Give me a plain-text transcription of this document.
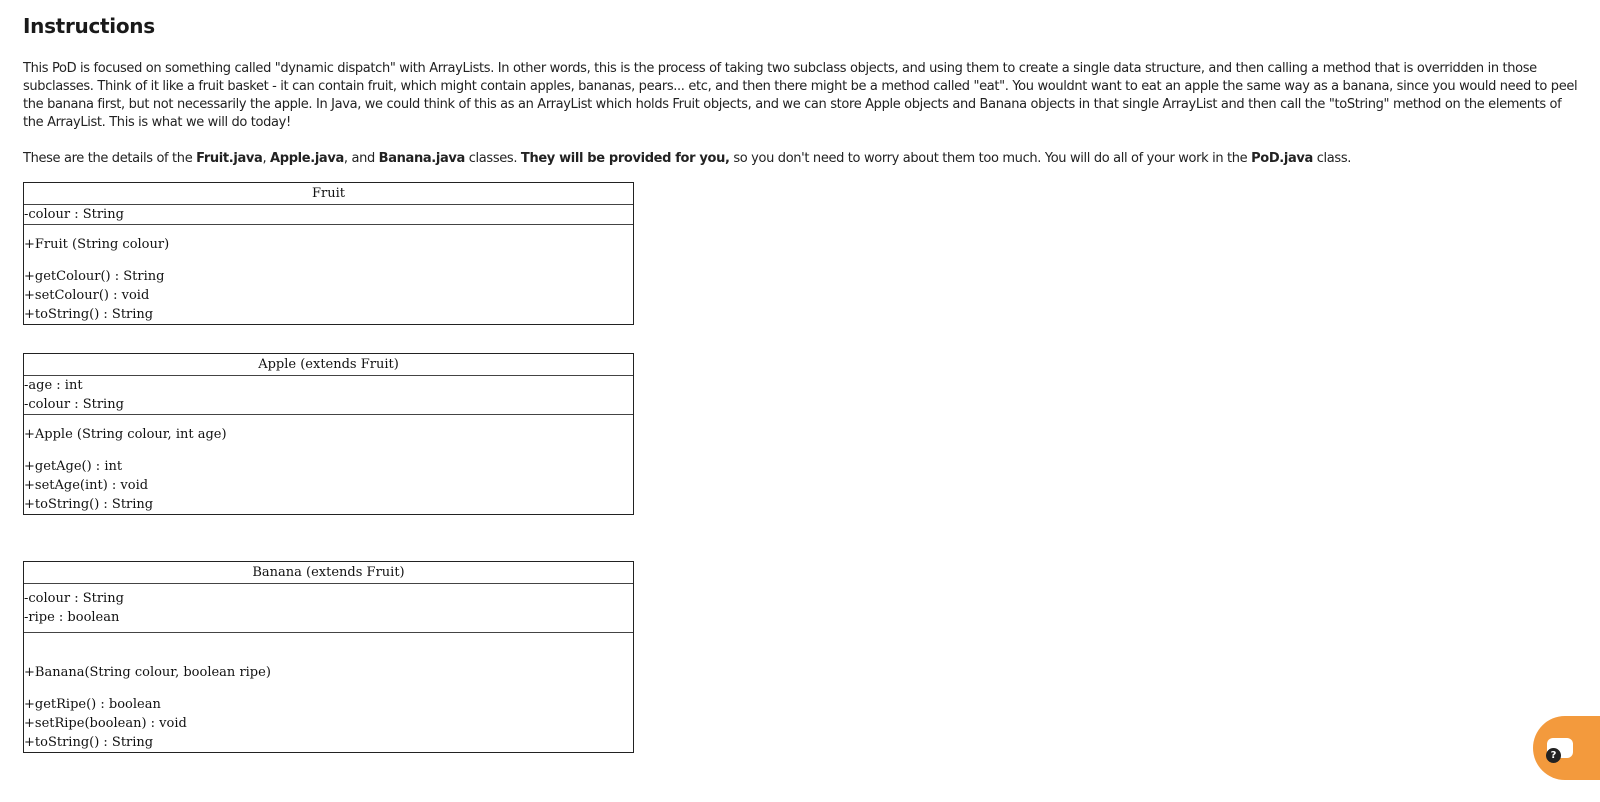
Instructions

This PoD is focused on something called "dynamic dispatch" with ArrayLists. In other words, this is the process of taking two subclass objects, and using them to create a single data structure, and then calling a method that is overridden in those subclasses. Think of it like a fruit basket - it can contain fruit, which might contain apples, bananas, pears... etc, and then there might be a method called "eat". You wouldnt want to eat an apple the same way as a banana, since you would need to peel the banana first, but not necessarily the apple. In Java, we could think of this as an ArrayList which holds Fruit objects, and we can store Apple objects and Banana objects in that single ArrayList and then call the "toString" method on the elements of the ArrayList. This is what we will do today!

These are the details of the Fruit.java, Apple.java, and Banana.java classes. They will be provided for you, so you don't need to worry about them too much. You will do all of your work in the PoD.java class.

Fruit
-colour : String
+Fruit (String colour)
+getColour() : String
+setColour() : void
+toString() : String
Apple (extends Fruit)
-age : int
-colour : String
+Apple (String colour, int age)
+getAge() : int
+setAge(int) : void
+toString() : String
Banana (extends Fruit)
-colour : String
-ripe : boolean
+Banana(String colour, boolean ripe)
+getRipe() : boolean
+setRipe(boolean) : void
+toString() : String
?
